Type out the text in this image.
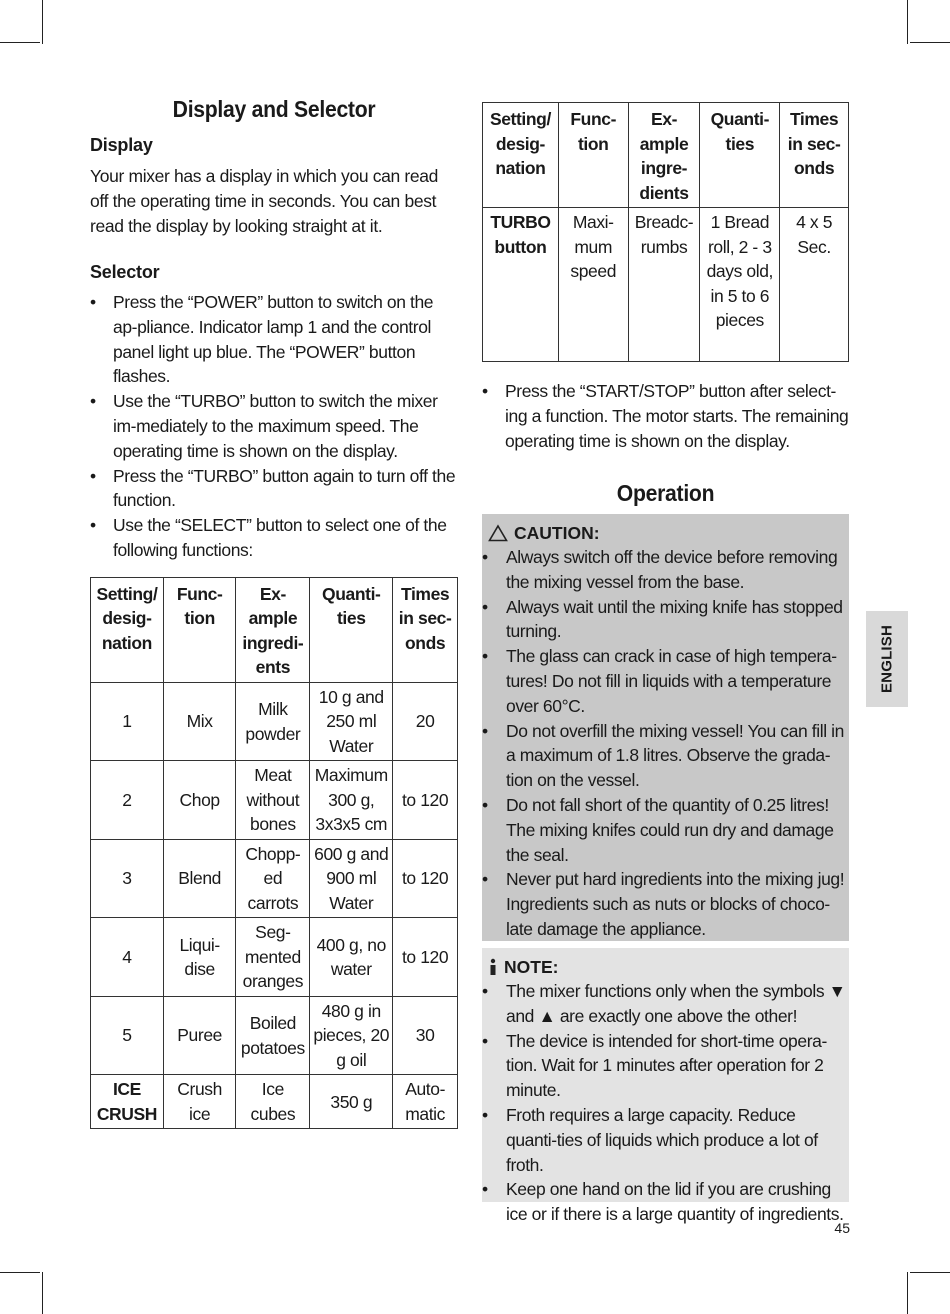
Display and Selector
Display

Your mixer has a display in which you can read off the operating time in seconds. You can best read the display by looking straight at it.

Selector
• Press the “POWER” button to switch on the ap-pliance. Indicator lamp 1 and the control panel light up blue. The “POWER” button flashes.
• Use the “TURBO” button to switch the mixer im-mediately to the maximum speed. The operating time is shown on the display.
• Press the “TURBO” button again to turn off the function.
• Use the “SELECT” button to select one of the following functions:
Setting/ desig-nation	Func-tion	Ex-ample ingredi-ents	Quanti-ties	Times in sec-onds
1	Mix	Milk powder	10 g and 250 ml Water	20
2	Chop	Meat without bones	Maximum 300 g, 3x3x5 cm	to 120
3	Blend	Chopp-ed carrots	600 g and 900 ml Water	to 120
4	Liqui-dise	Seg-mented oranges	400 g, no water	to 120
5	Puree	Boiled potatoes	480 g in pieces, 20 g oil	30
ICE CRUSH	Crush ice	Ice cubes	350 g	Auto-matic
Setting/ desig-nation	Func-tion	Ex-ample ingre-dients	Quanti-ties	Times in sec-onds
TURBO button	Maxi-mum speed	Breadc-rumbs	1 Bread roll, 2 - 3 days old, in 5 to 6 pieces	4 x 5 Sec.
• Press the “START/STOP” button after select-ing a function. The motor starts. The remaining operating time is shown on the display.
Operation
CAUTION:
• Always switch off the device before removing the mixing vessel from the base.
• Always wait until the mixing knife has stopped turning.
• The glass can crack in case of high tempera-tures! Do not fill in liquids with a temperature over 60°C.
• Do not overfill the mixing vessel! You can fill in a maximum of 1.8 litres. Observe the grada-tion on the vessel.
• Do not fall short of the quantity of 0.25 litres! The mixing knifes could run dry and damage the seal.
• Never put hard ingredients into the mixing jug! Ingredients such as nuts or blocks of choco-late damage the appliance.
NOTE:
• The mixer functions only when the symbols ▼ and ▲ are exactly one above the other!
• The device is intended for short-time opera-tion. Wait for 1 minutes after operation for 2 minute.
• Froth requires a large capacity. Reduce quanti-ties of liquids which produce a lot of froth.
• Keep one hand on the lid if you are crushing ice or if there is a large quantity of ingredients.
ENGLISH
45
